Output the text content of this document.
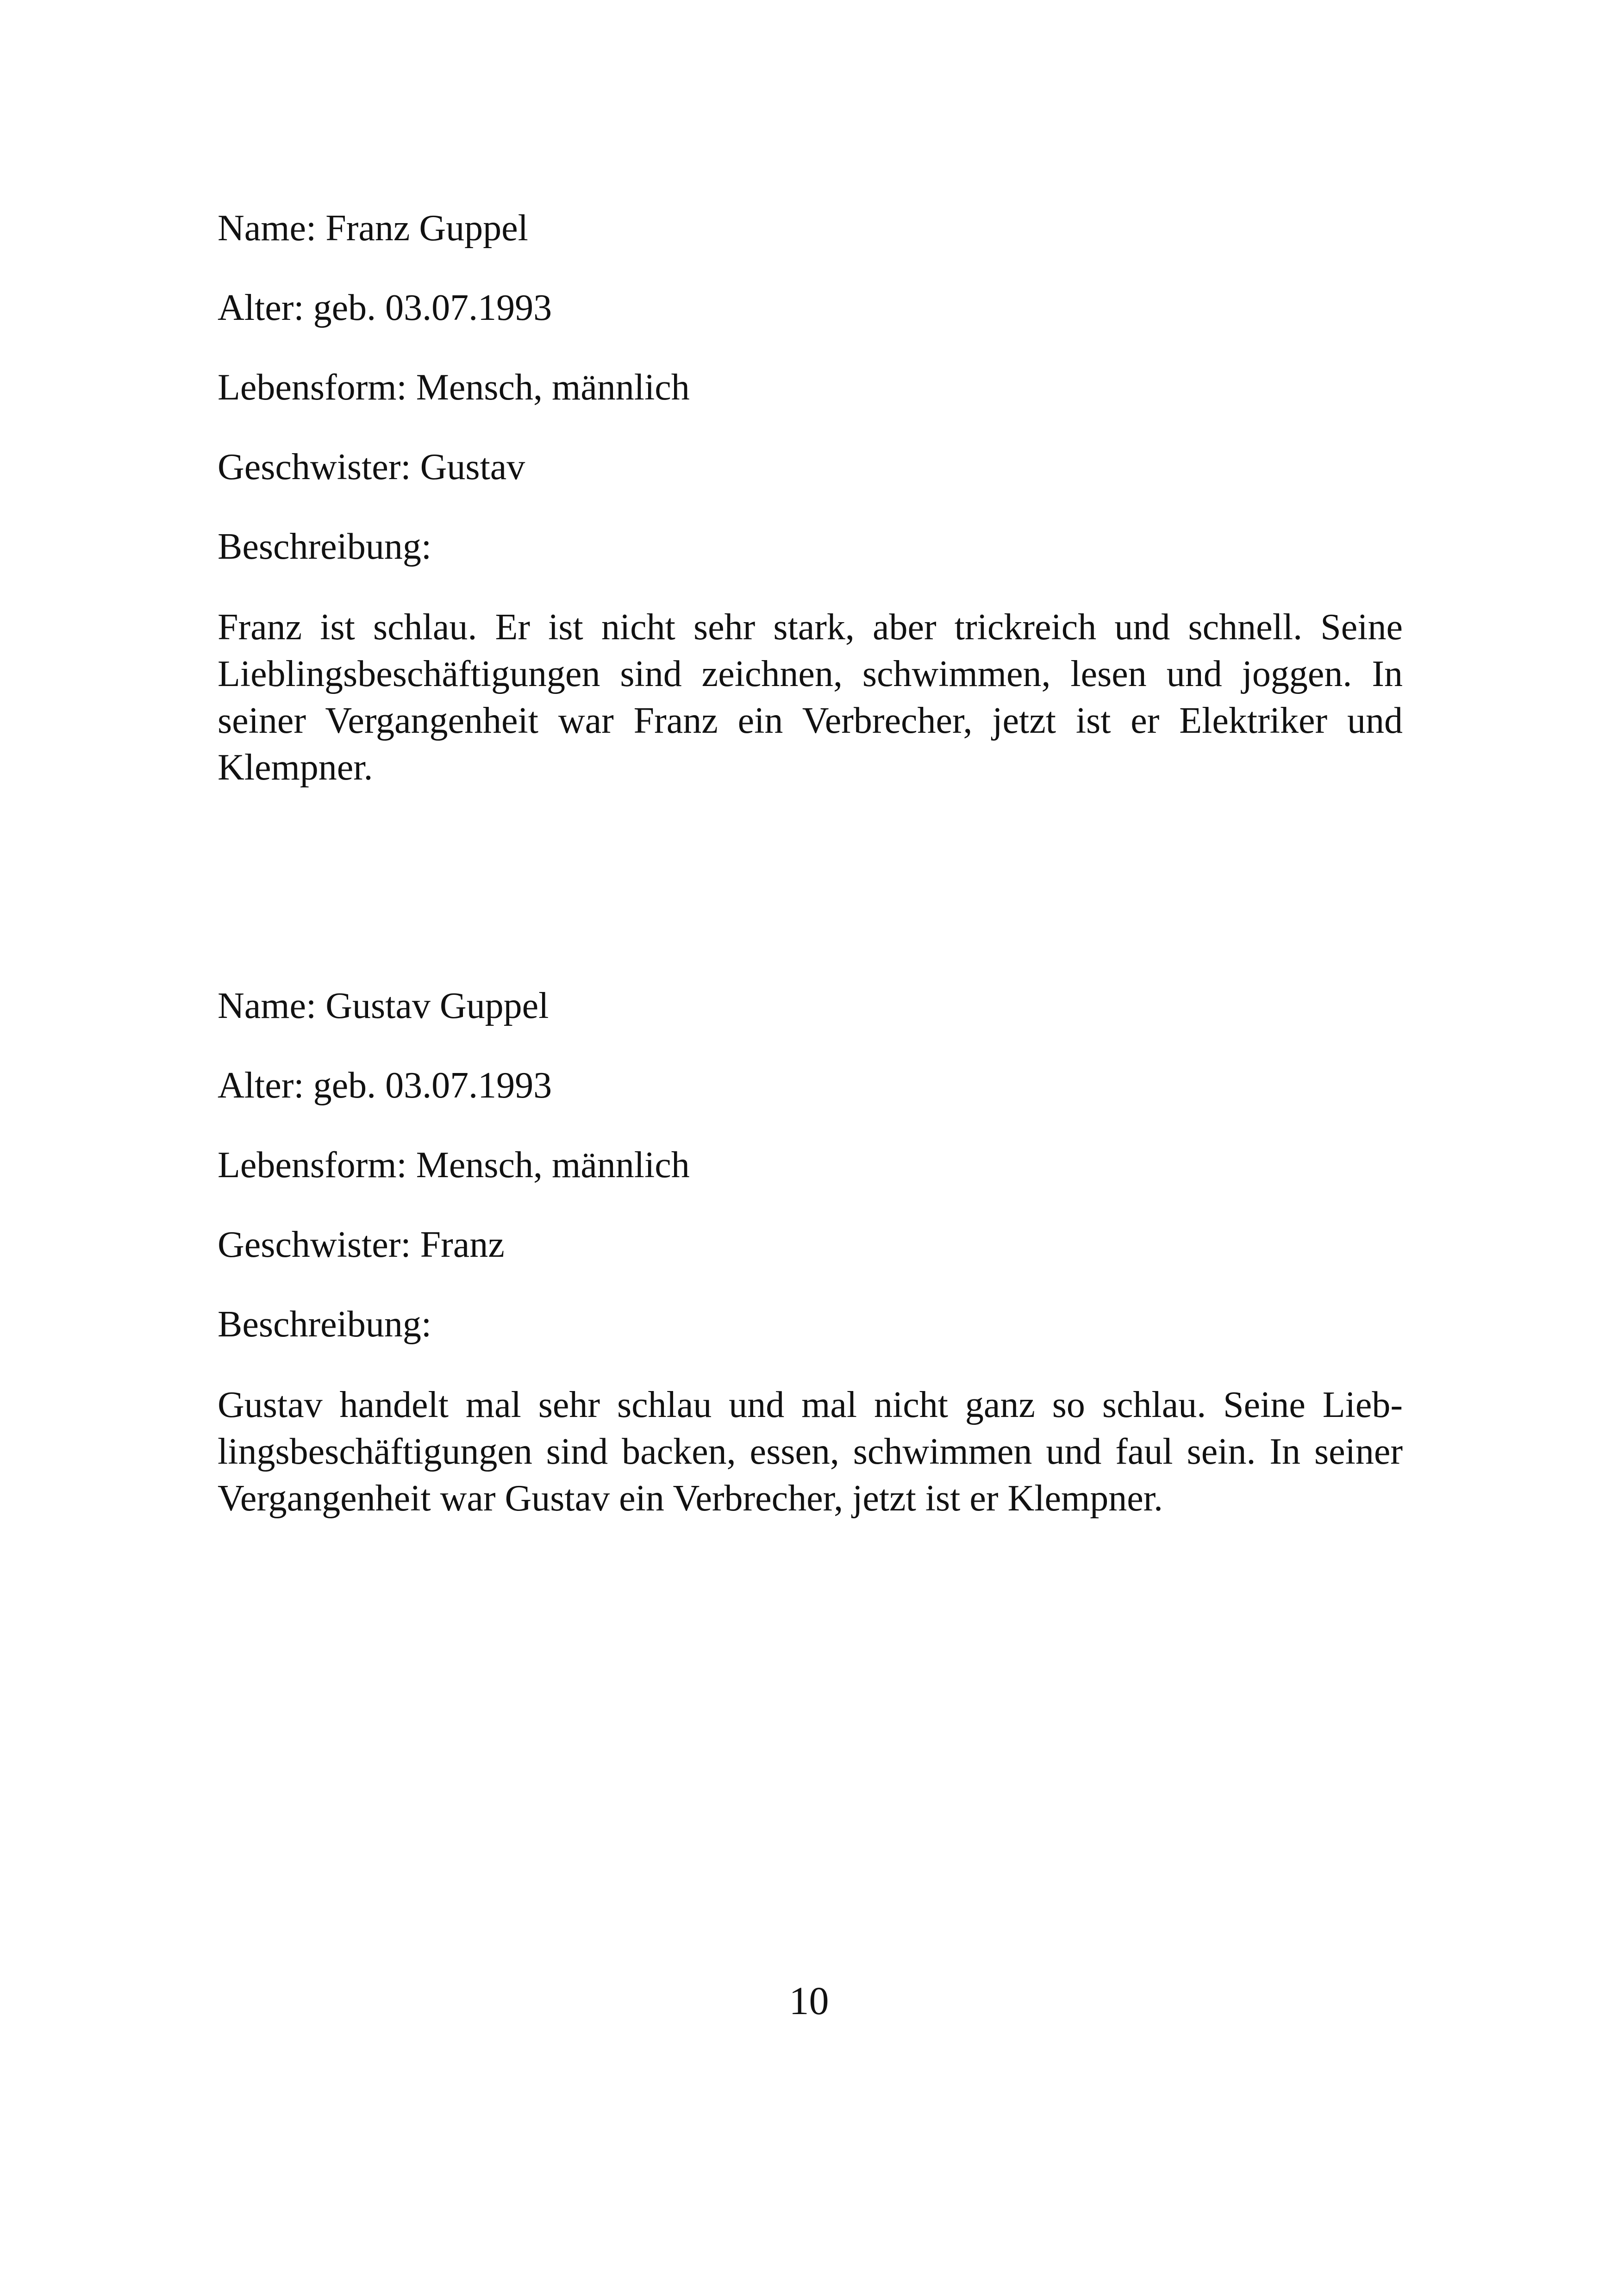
Name: Franz Guppel

Alter: geb. 03.07.1993

Lebensform: Mensch, männlich

Geschwister: Gustav

Beschreibung:

Franz ist schlau. Er ist nicht sehr stark, aber trickreich und schnell. Seine Lieblingsbeschäftigungen sind zeichnen, schwimmen, lesen und joggen. In seiner Vergangenheit war Franz ein Verbrecher, jetzt ist er Elektriker und Klempner.

Name: Gustav Guppel

Alter: geb. 03.07.1993

Lebensform: Mensch, männlich

Geschwister: Franz

Beschreibung:

Gustav handelt mal sehr schlau und mal nicht ganz so schlau. Seine Lieblingsbeschäftigungen sind backen, essen, schwimmen und faul sein. In seiner Vergangenheit war Gustav ein Verbrecher, jetzt ist er Klempner.

10
